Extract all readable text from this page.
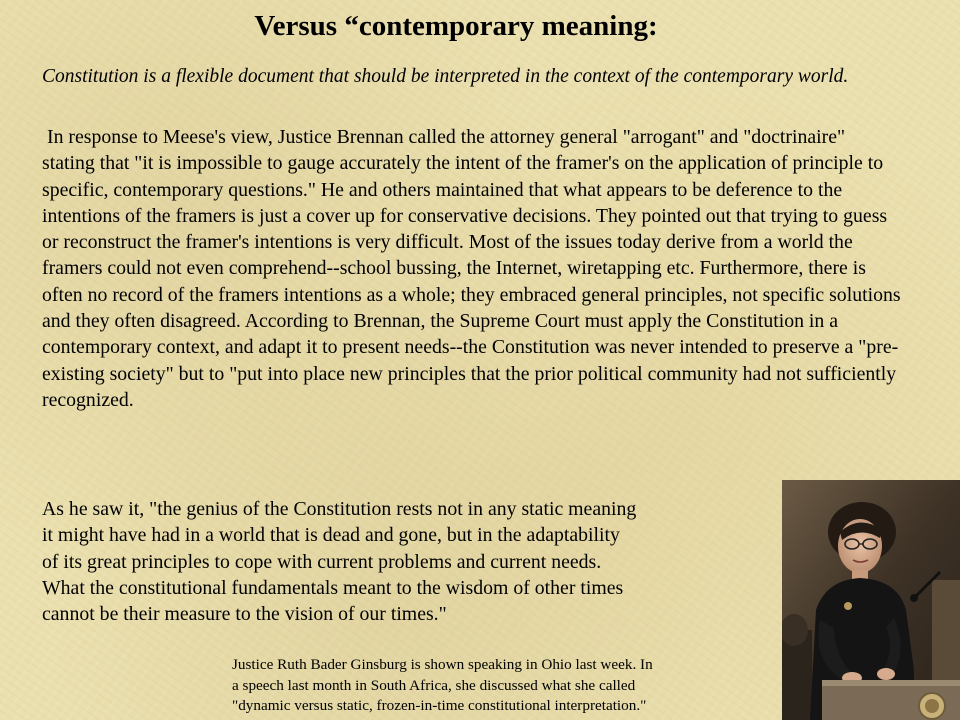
Versus “contemporary meaning:
Constitution is a flexible document that should be interpreted in the context of the contemporary world.
In response to Meese's view, Justice Brennan called the attorney general "arrogant" and "doctrinaire" stating that "it is impossible to gauge accurately the intent of the framer's on the application of principle to specific, contemporary questions." He and others maintained that what appears to be deference to the intentions of the framers is just a cover up for conservative decisions. They pointed out that trying to guess or reconstruct the framer's intentions is very difficult. Most of the issues today derive from a world the framers could not even comprehend--school bussing, the Internet, wiretapping etc. Furthermore, there is often no record of the framers intentions as a whole; they embraced general principles, not specific solutions and they often disagreed. According to Brennan, the Supreme Court must apply the Constitution in a contemporary context, and adapt it to present needs--the Constitution was never intended to preserve a "pre-existing society" but to "put into place new principles that the prior political community had not sufficiently recognized.
As he saw it, "the genius of the Constitution rests not in any static meaning
it might have had in a world that is dead and gone, but in the adaptability
of its great principles to cope with current problems and current needs.
What the constitutional fundamentals meant to the wisdom of other times
cannot be their measure to the vision of our times."
Justice Ruth Bader Ginsburg is shown speaking in Ohio last week. In
a speech last month in South Africa, she discussed what she called
"dynamic versus static, frozen-in-time constitutional interpretation."
